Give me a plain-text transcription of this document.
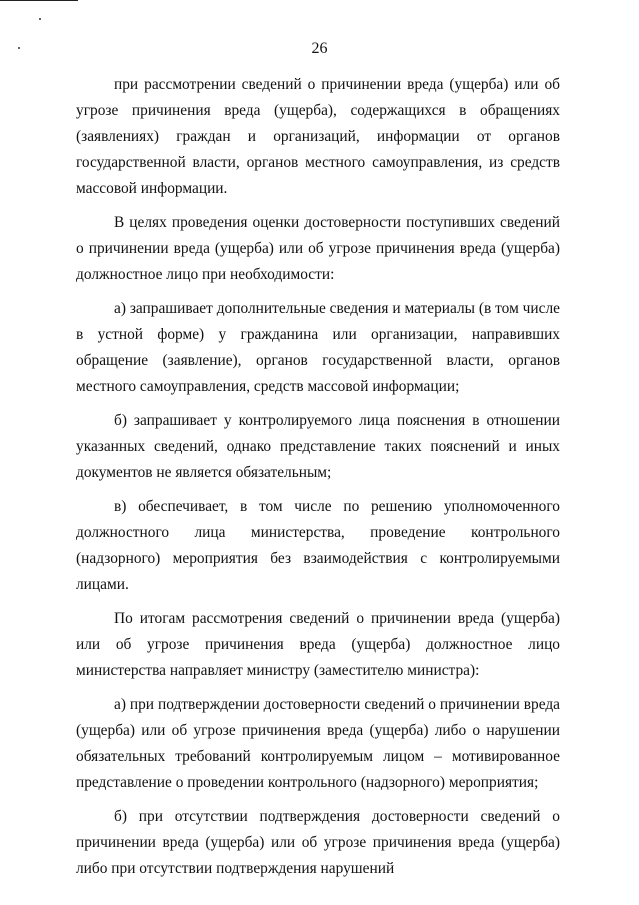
26

при рассмотрении сведений о причинении вреда (ущерба) или об угрозе причинения вреда (ущерба), содержащихся в обращениях (заявлениях) граждан и организаций, информации от органов государственной власти, органов местного самоуправления, из средств массовой информации.

В целях проведения оценки достоверности поступивших сведений о причинении вреда (ущерба) или об угрозе причинения вреда (ущерба) должностное лицо при необходимости:

а) запрашивает дополнительные сведения и материалы (в том числе в устной форме) у гражданина или организации, направивших обращение (заявление), органов государственной власти, органов местного самоуправления, средств массовой информации;

б) запрашивает у контролируемого лица пояснения в отношении указанных сведений, однако представление таких пояснений и иных документов не является обязательным;

в) обеспечивает, в том числе по решению уполномоченного должностного лица министерства, проведение контрольного (надзорного) мероприятия без взаимодействия с контролируемыми лицами.

По итогам рассмотрения сведений о причинении вреда (ущерба) или об угрозе причинения вреда (ущерба) должностное лицо министерства направляет министру (заместителю министра):

а) при подтверждении достоверности сведений о причинении вреда (ущерба) или об угрозе причинения вреда (ущерба) либо о нарушении обязательных требований контролируемым лицом – мотивированное представление о проведении контрольного (надзорного) мероприятия;

б) при отсутствии подтверждения достоверности сведений о причинении вреда (ущерба) или об угрозе причинения вреда (ущерба) либо при отсутствии подтверждения нарушений
